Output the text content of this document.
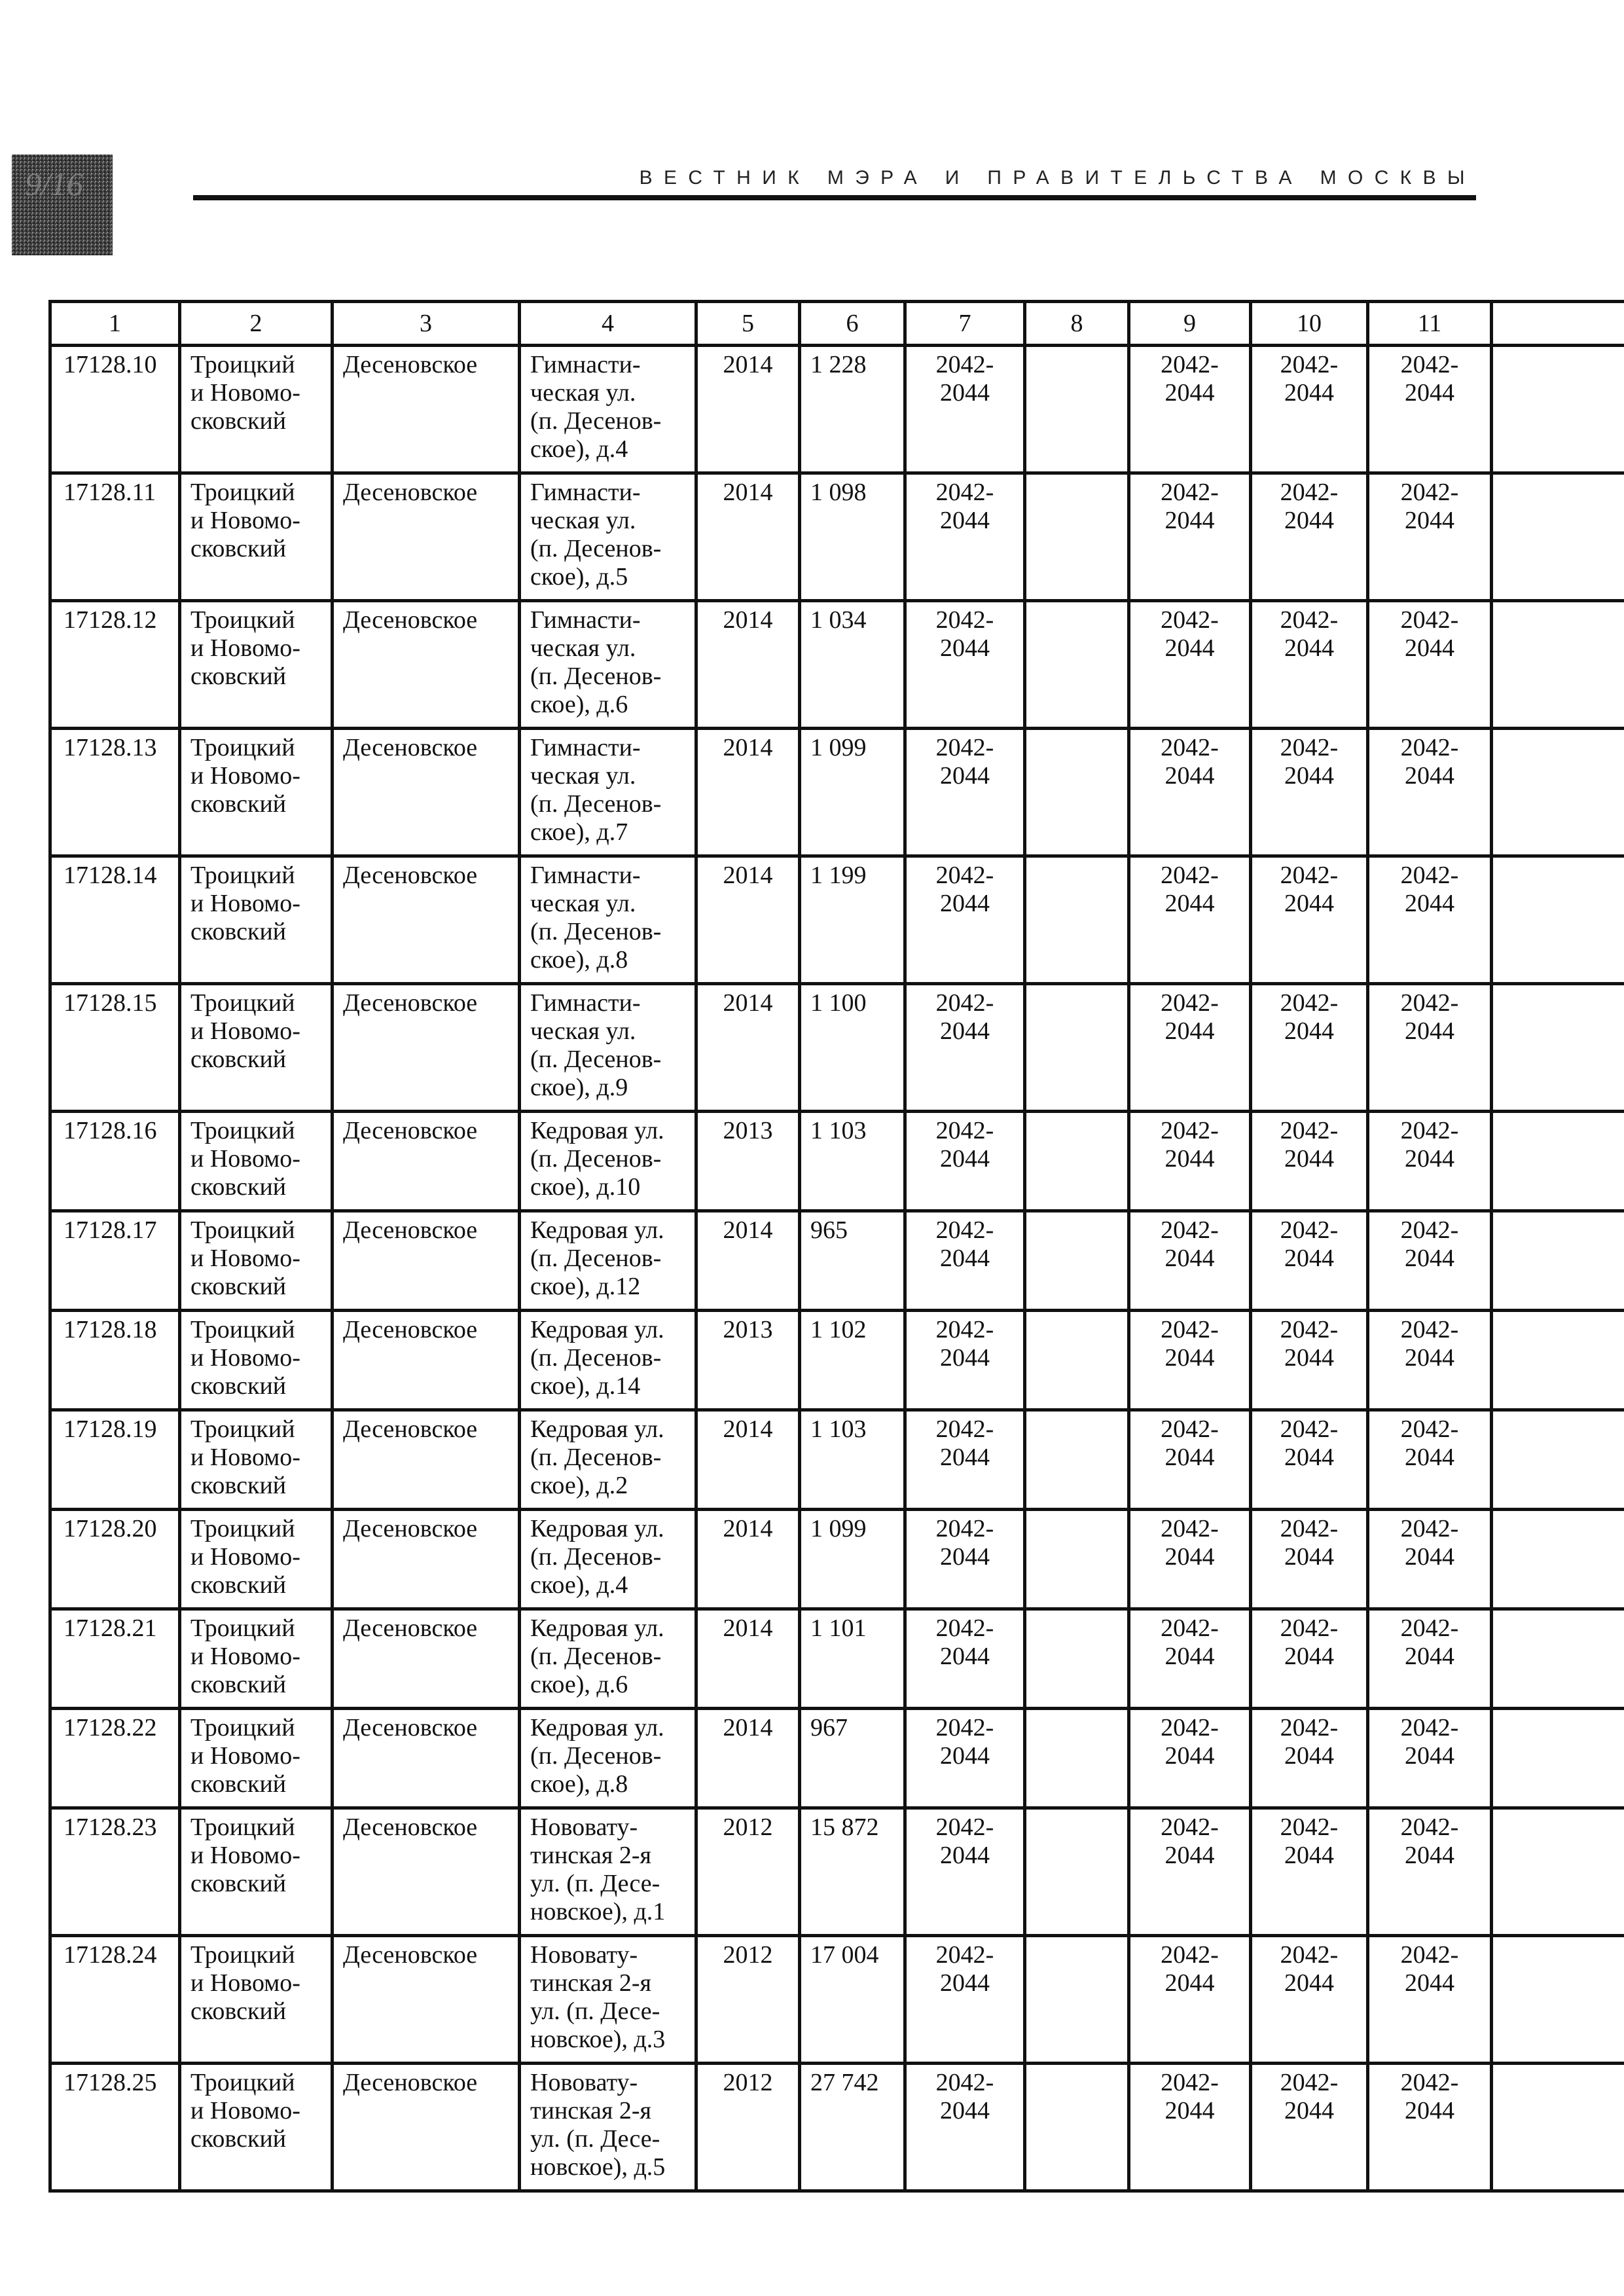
9/16	ВЕСТНИК МЭРА И ПРАВИТЕЛЬСТВА МОСКВЫ
1	2	3	4	5	6	7	8	9	10	11	

17128.10	Троицкий
и Новомо-
сковский	Десеновское	Гимнасти-
ческая ул.
(п. Десенов-
ское), д.4	2014	1 228	2042-
2044		2042-
2044	2042-
2044	2042-
2044	

17128.11	Троицкий
и Новомо-
сковский	Десеновское	Гимнасти-
ческая ул.
(п. Десенов-
ское), д.5	2014	1 098	2042-
2044		2042-
2044	2042-
2044	2042-
2044	

17128.12	Троицкий
и Новомо-
сковский	Десеновское	Гимнасти-
ческая ул.
(п. Десенов-
ское), д.6	2014	1 034	2042-
2044		2042-
2044	2042-
2044	2042-
2044	

17128.13	Троицкий
и Новомо-
сковский	Десеновское	Гимнасти-
ческая ул.
(п. Десенов-
ское), д.7	2014	1 099	2042-
2044		2042-
2044	2042-
2044	2042-
2044	

17128.14	Троицкий
и Новомо-
сковский	Десеновское	Гимнасти-
ческая ул.
(п. Десенов-
ское), д.8	2014	1 199	2042-
2044		2042-
2044	2042-
2044	2042-
2044	

17128.15	Троицкий
и Новомо-
сковский	Десеновское	Гимнасти-
ческая ул.
(п. Десенов-
ское), д.9	2014	1 100	2042-
2044		2042-
2044	2042-
2044	2042-
2044	

17128.16	Троицкий
и Новомо-
сковский	Десеновское	Кедровая ул.
(п. Десенов-
ское), д.10	2013	1 103	2042-
2044		2042-
2044	2042-
2044	2042-
2044	

17128.17	Троицкий
и Новомо-
сковский	Десеновское	Кедровая ул.
(п. Десенов-
ское), д.12	2014	965	2042-
2044		2042-
2044	2042-
2044	2042-
2044	

17128.18	Троицкий
и Новомо-
сковский	Десеновское	Кедровая ул.
(п. Десенов-
ское), д.14	2013	1 102	2042-
2044		2042-
2044	2042-
2044	2042-
2044	

17128.19	Троицкий
и Новомо-
сковский	Десеновское	Кедровая ул.
(п. Десенов-
ское), д.2	2014	1 103	2042-
2044		2042-
2044	2042-
2044	2042-
2044	

17128.20	Троицкий
и Новомо-
сковский	Десеновское	Кедровая ул.
(п. Десенов-
ское), д.4	2014	1 099	2042-
2044		2042-
2044	2042-
2044	2042-
2044	

17128.21	Троицкий
и Новомо-
сковский	Десеновское	Кедровая ул.
(п. Десенов-
ское), д.6	2014	1 101	2042-
2044		2042-
2044	2042-
2044	2042-
2044	

17128.22	Троицкий
и Новомо-
сковский	Десеновское	Кедровая ул.
(п. Десенов-
ское), д.8	2014	967	2042-
2044		2042-
2044	2042-
2044	2042-
2044	

17128.23	Троицкий
и Новомо-
сковский	Десеновское	Нововату-
тинская 2-я
ул. (п. Десе-
новское), д.1	2012	15 872	2042-
2044		2042-
2044	2042-
2044	2042-
2044	

17128.24	Троицкий
и Новомо-
сковский	Десеновское	Нововату-
тинская 2-я
ул. (п. Десе-
новское), д.3	2012	17 004	2042-
2044		2042-
2044	2042-
2044	2042-
2044	

17128.25	Троицкий
и Новомо-
сковский	Десеновское	Нововату-
тинская 2-я
ул. (п. Десе-
новское), д.5	2012	27 742	2042-
2044		2042-
2044	2042-
2044	2042-
2044	
